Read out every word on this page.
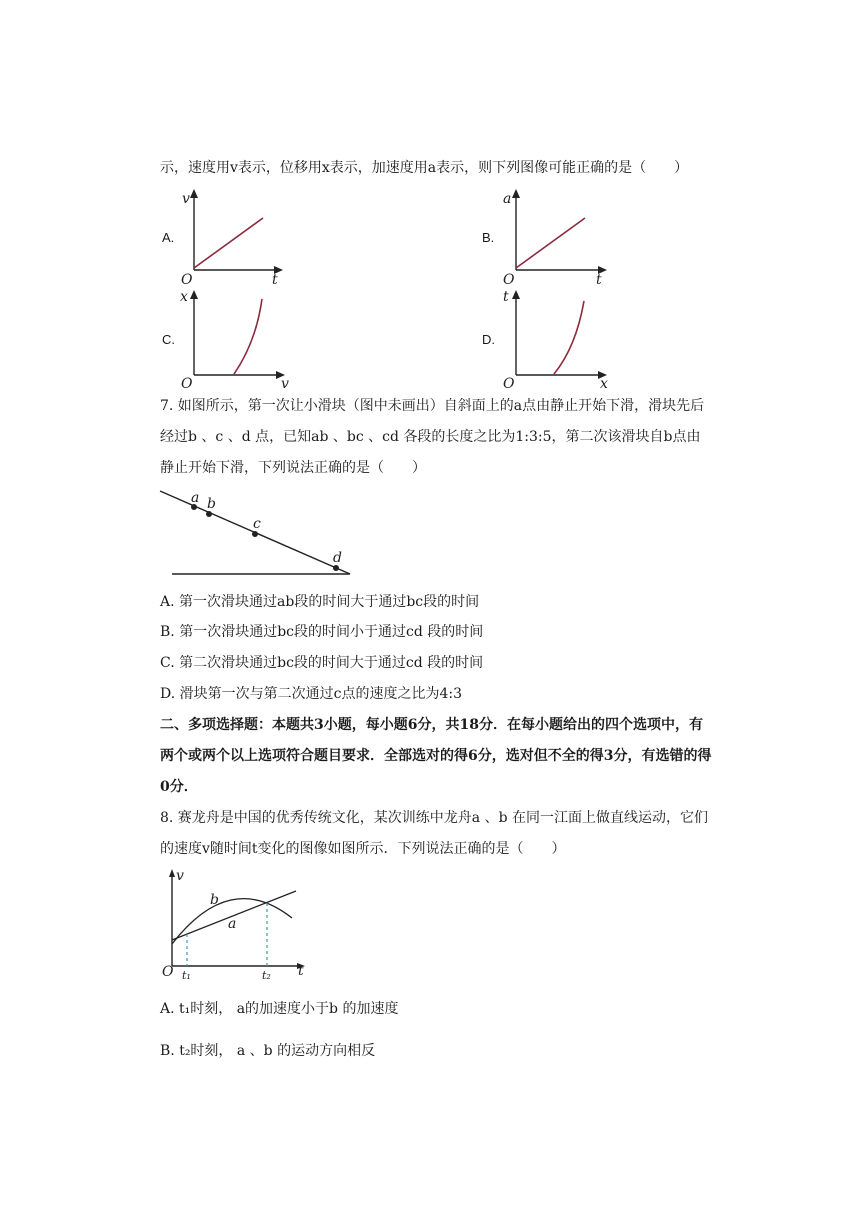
示，速度用v表示，位移用x表示，加速度用a表示，则下列图像可能正确的是（　　）
A.
v
t
O
B.
a
t
O
C.
x
v
O
D.
t
x
O
7. 如图所示，第一次让小滑块（图中未画出）自斜面上的a点由静止开始下滑，滑块先后
经过b 、c 、d 点，已知ab 、bc 、cd 各段的长度之比为1:3:5，第二次该滑块自b点由
静止开始下滑，下列说法正确的是（　　）
a b
c
d
A. 第一次滑块通过ab段的时间大于通过bc段的时间
B. 第一次滑块通过bc段的时间小于通过cd 段的时间
C. 第二次滑块通过bc段的时间大于通过cd 段的时间
D. 滑块第一次与第二次通过c点的速度之比为4:3
二、多项选择题：本题共3小题，每小题6分，共18分．在每小题给出的四个选项中，有
两个或两个以上选项符合题目要求．全部选对的得6分，选对但不全的得3分，有选错的得
0分．
8. 赛龙舟是中国的优秀传统文化，某次训练中龙舟a 、b 在同一江面上做直线运动，它们
的速度v随时间t变化的图像如图所示．下列说法正确的是（　　）
v
t
O t₁	t₂
b
a
A. t₁时刻， a的加速度小于b 的加速度
B. t₂时刻， a 、b 的运动方向相反
